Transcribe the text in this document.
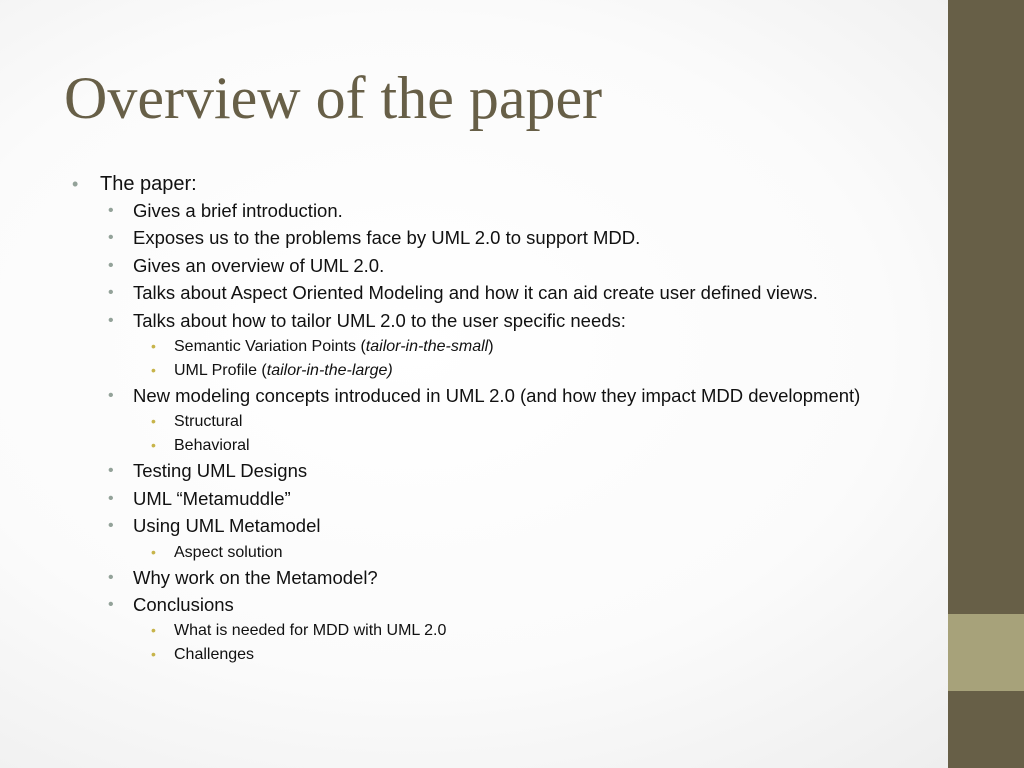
Overview of the paper
• The paper:
• Gives a brief introduction.
• Exposes us to the problems face by UML 2.0 to support MDD.
• Gives an overview of UML 2.0.
• Talks about Aspect Oriented Modeling and how it can aid create user defined views.
• Talks about how to tailor UML 2.0 to the user specific needs:
• Semantic Variation Points (tailor-in-the-small)
• UML Profile (tailor-in-the-large)
• New modeling concepts introduced in UML 2.0 (and how they impact MDD development)
• Structural
• Behavioral
• Testing UML Designs
• UML “Metamuddle”
• Using UML Metamodel
• Aspect solution
• Why work on the Metamodel?
• Conclusions
• What is needed for MDD with UML 2.0
• Challenges
